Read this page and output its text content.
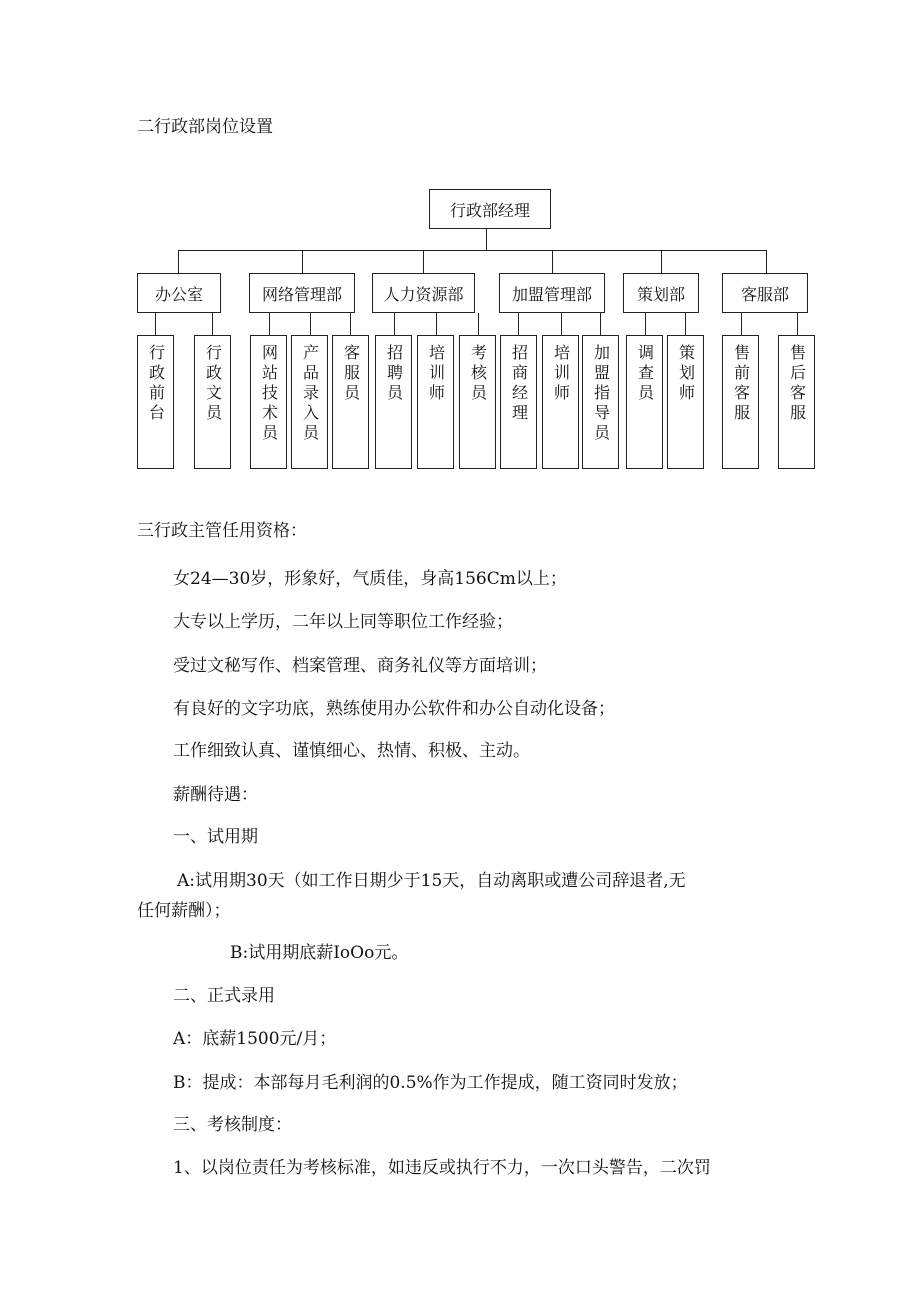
二行政部岗位设置
行政部经理
办公室	网络管理部	人力资源部	加盟管理部	策划部	客服部
行政前台 行政文员 网站技术员 产品录入员 客服员 招聘员 培训师 考核员 招商经理 培训师 加盟指导员 调查员 策划师 售前客服 售后客服
三行政主管任用资格：
女24—30岁，形象好，气质佳，身高156Cm以上；
大专以上学历，二年以上同等职位工作经验；
受过文秘写作、档案管理、商务礼仪等方面培训；
有良好的文字功底，熟练使用办公软件和办公自动化设备；
工作细致认真、谨慎细心、热情、积极、主动。
薪酬待遇：
一、试用期
A:试用期30天（如工作日期少于15天，自动离职或遭公司辞退者,无
任何薪酬）；
B:试用期底薪IoOo元。
二、正式录用
A：底薪1500元/月；
B：提成：本部每月毛利润的0.5%作为工作提成，随工资同时发放；
三、考核制度：
1、以岗位责任为考核标准，如违反或执行不力，一次口头警告，二次罚
